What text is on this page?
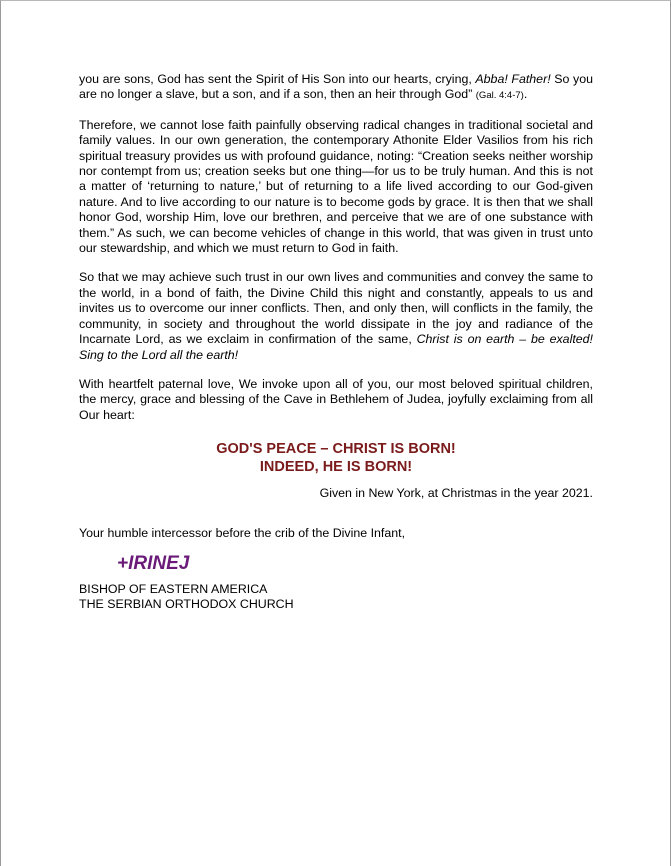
you are sons, God has sent the Spirit of His Son into our hearts, crying, Abba! Father! So you are no longer a slave, but a son, and if a son, then an heir through God” (Gal. 4:4-7).

Therefore, we cannot lose faith painfully observing radical changes in traditional societal and family values. In our own generation, the contemporary Athonite Elder Vasilios from his rich spiritual treasury provides us with profound guidance, noting: “Creation seeks neither worship nor contempt from us; creation seeks but one thing—for us to be truly human. And this is not a matter of ‘returning to nature,’ but of returning to a life lived according to our God-given nature. And to live according to our nature is to become gods by grace. It is then that we shall honor God, worship Him, love our brethren, and perceive that we are of one substance with them.” As such, we can become vehicles of change in this world, that was given in trust unto our stewardship, and which we must return to God in faith.

So that we may achieve such trust in our own lives and communities and convey the same to the world, in a bond of faith, the Divine Child this night and constantly, appeals to us and invites us to overcome our inner conflicts. Then, and only then, will conflicts in the family, the community, in society and throughout the world dissipate in the joy and radiance of the Incarnate Lord, as we exclaim in confirmation of the same, Christ is on earth – be exalted! Sing to the Lord all the earth!

With heartfelt paternal love, We invoke upon all of you, our most beloved spiritual children, the mercy, grace and blessing of the Cave in Bethlehem of Judea, joyfully exclaiming from all Our heart:

GOD'S PEACE – CHRIST IS BORN!
INDEED, HE IS BORN!
Given in New York, at Christmas in the year 2021.
Your humble intercessor before the crib of the Divine Infant,
+IRINEJ
BISHOP OF EASTERN AMERICA
THE SERBIAN ORTHODOX CHURCH
